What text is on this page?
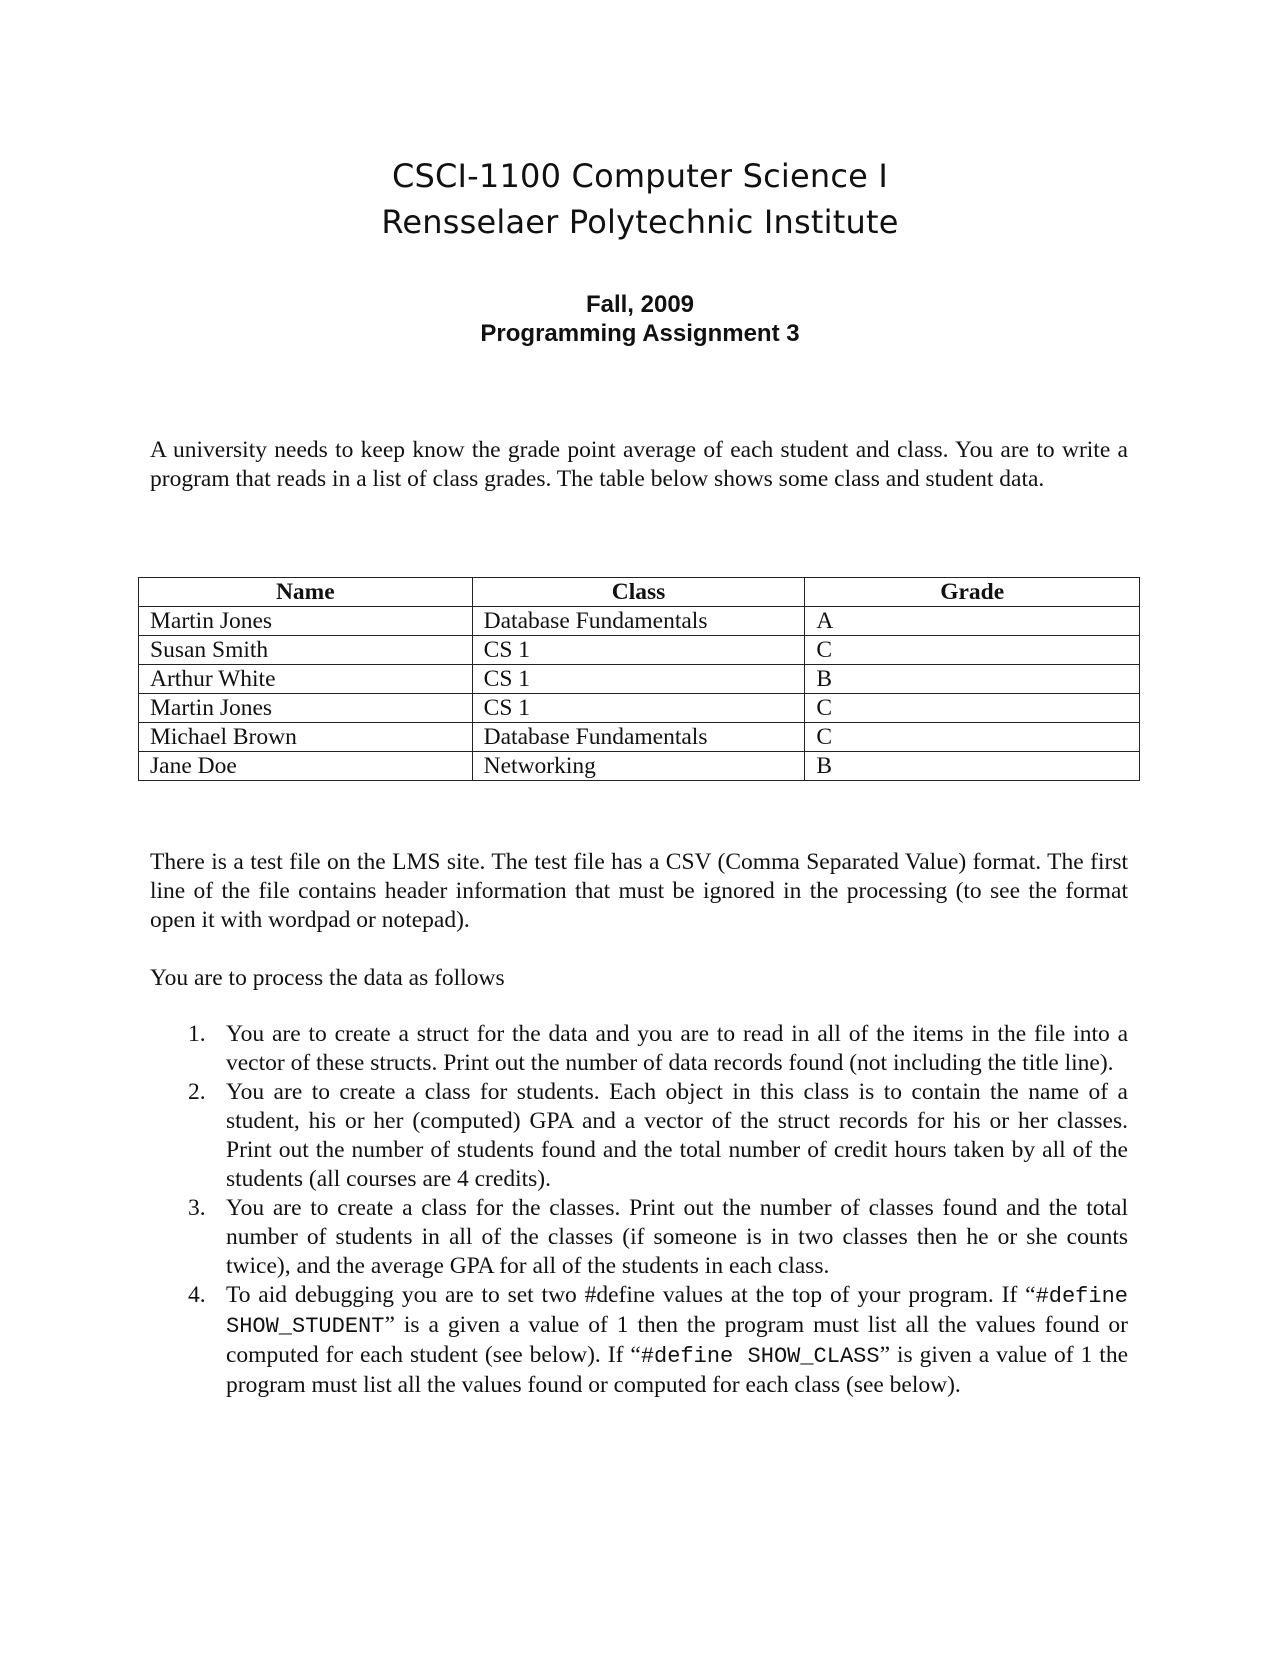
CSCI-1100 Computer Science I
Rensselaer Polytechnic Institute
Fall, 2009
Programming Assignment 3

A university needs to keep know the grade point average of each student and class. You are to write a program that reads in a list of class grades. The table below shows some class and student data.

Name	Class	Grade
Martin Jones	Database Fundamentals	A
Susan Smith	CS 1	C
Arthur White	CS 1	B
Martin Jones	CS 1	C
Michael Brown	Database Fundamentals	C
Jane Doe	Networking	B

There is a test file on the LMS site. The test file has a CSV (Comma Separated Value) format. The first line of the file contains header information that must be ignored in the processing (to see the format open it with wordpad or notepad).

You are to process the data as follows

1. You are to create a struct for the data and you are to read in all of the items in the file into a vector of these structs. Print out the number of data records found (not including the title line).
2. You are to create a class for students. Each object in this class is to contain the name of a student, his or her (computed) GPA and a vector of the struct records for his or her classes. Print out the number of students found and the total number of credit hours taken by all of the students (all courses are 4 credits).
3. You are to create a class for the classes. Print out the number of classes found and the total number of students in all of the classes (if someone is in two classes then he or she counts twice), and the average GPA for all of the students in each class.
4. To aid debugging you are to set two #define values at the top of your program. If “#define SHOW_STUDENT” is a given a value of 1 then the program must list all the values found or computed for each student (see below). If “#define SHOW_CLASS” is given a value of 1 the program must list all the values found or computed for each class (see below).
